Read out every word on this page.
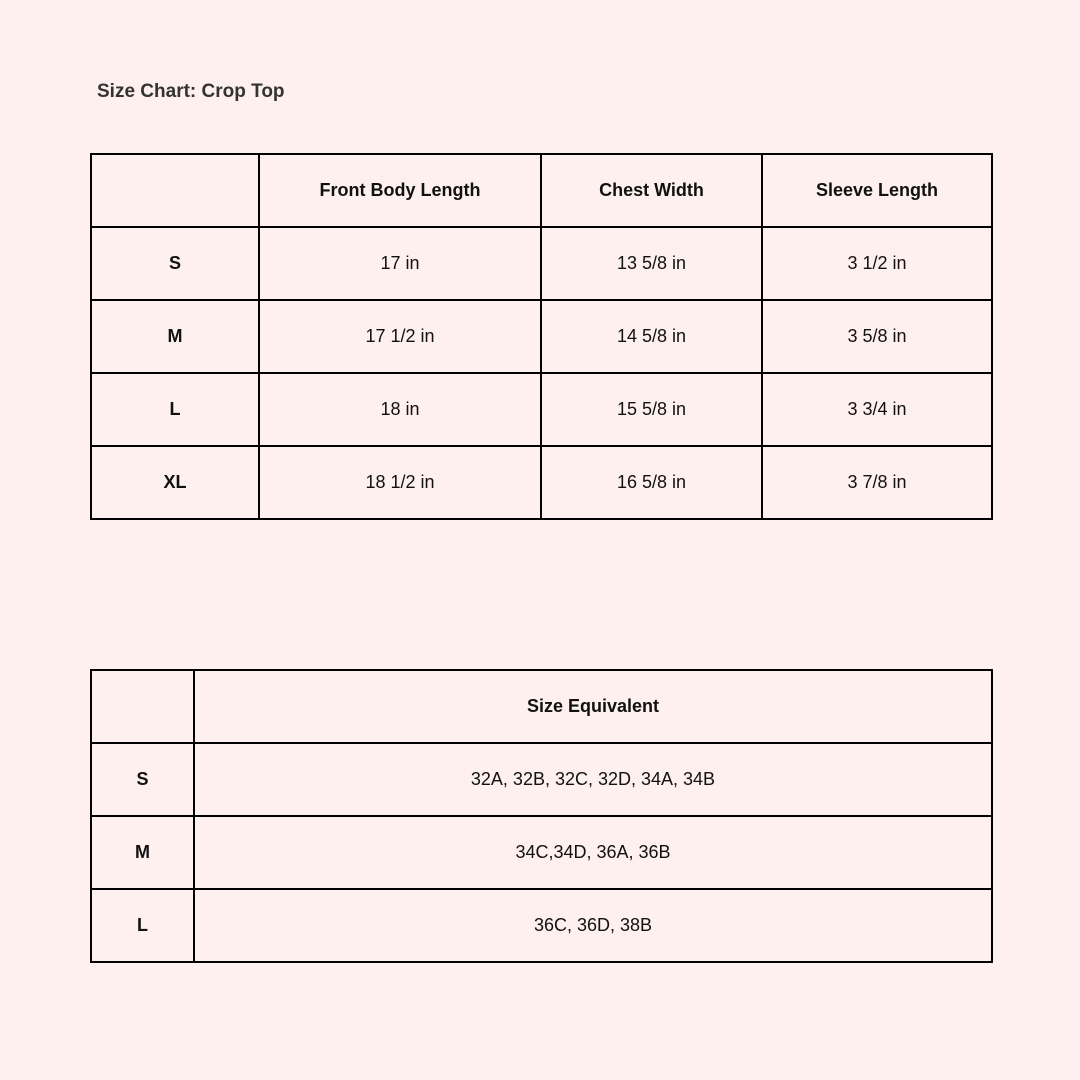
Size Chart: Crop Top
	Front Body Length	Chest Width	Sleeve Length
S	17 in	13 5/8 in	3 1/2 in
M	17 1/2 in	14 5/8 in	3 5/8 in
L	18 in	15 5/8 in	3 3/4 in
XL	18 1/2 in	16 5/8 in	3 7/8 in
	Size Equivalent
S	32A, 32B, 32C, 32D, 34A, 34B
M	34C,34D, 36A, 36B
L	36C, 36D, 38B
